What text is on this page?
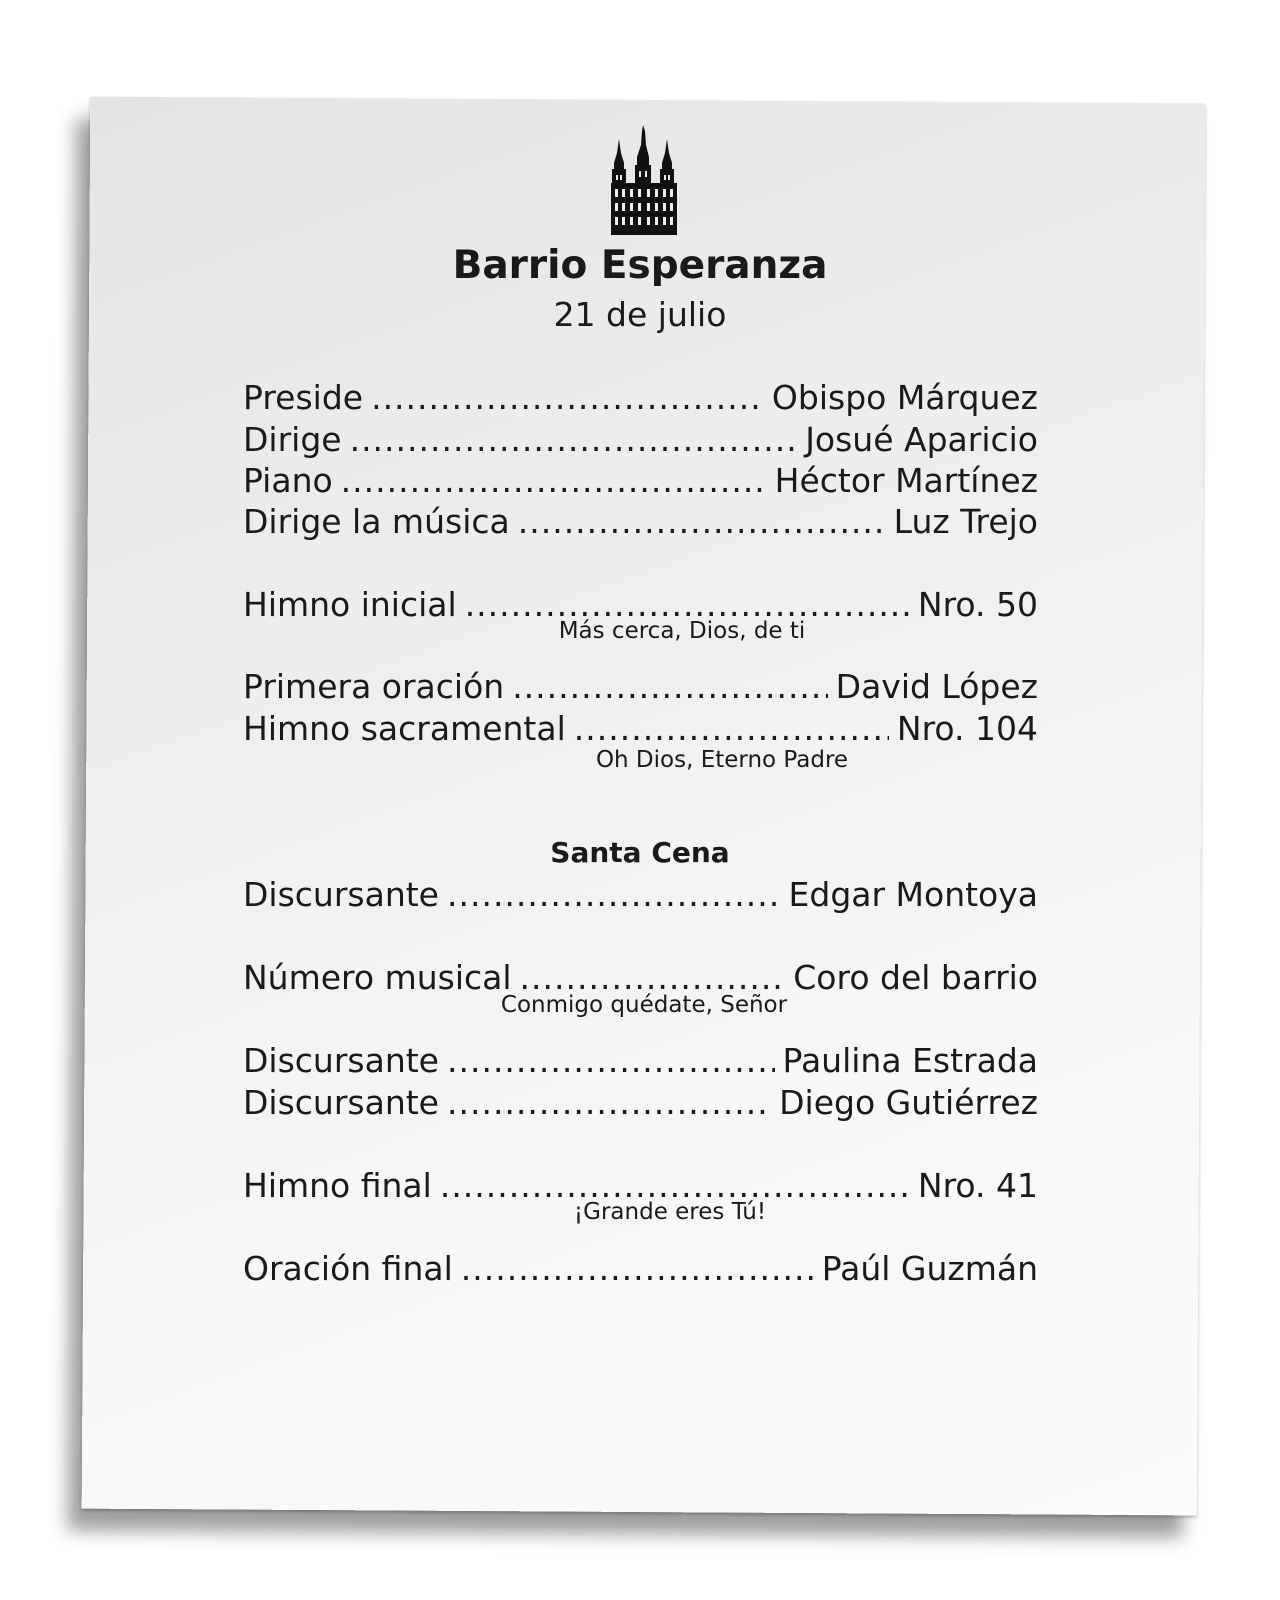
Barrio Esperanza
21 de julio
Preside .....	Obispo Márquez
Dirige .....	Josué Aparicio
Piano .....	Héctor Martínez
Dirige la música .....	Luz Trejo
Himno inicial .....	Nro. 50
Más cerca, Dios, de ti
Primera oración .....	David López
Himno sacramental .....	Nro. 104
Oh Dios, Eterno Padre
Santa Cena
Discursante .....	Edgar Montoya
Número musical .....	Coro del barrio
Conmigo quédate, Señor
Discursante .....	Paulina Estrada
Discursante .....	Diego Gutiérrez
Himno final .....	Nro. 41
¡Grande eres Tú!
Oración final .....	Paúl Guzmán
